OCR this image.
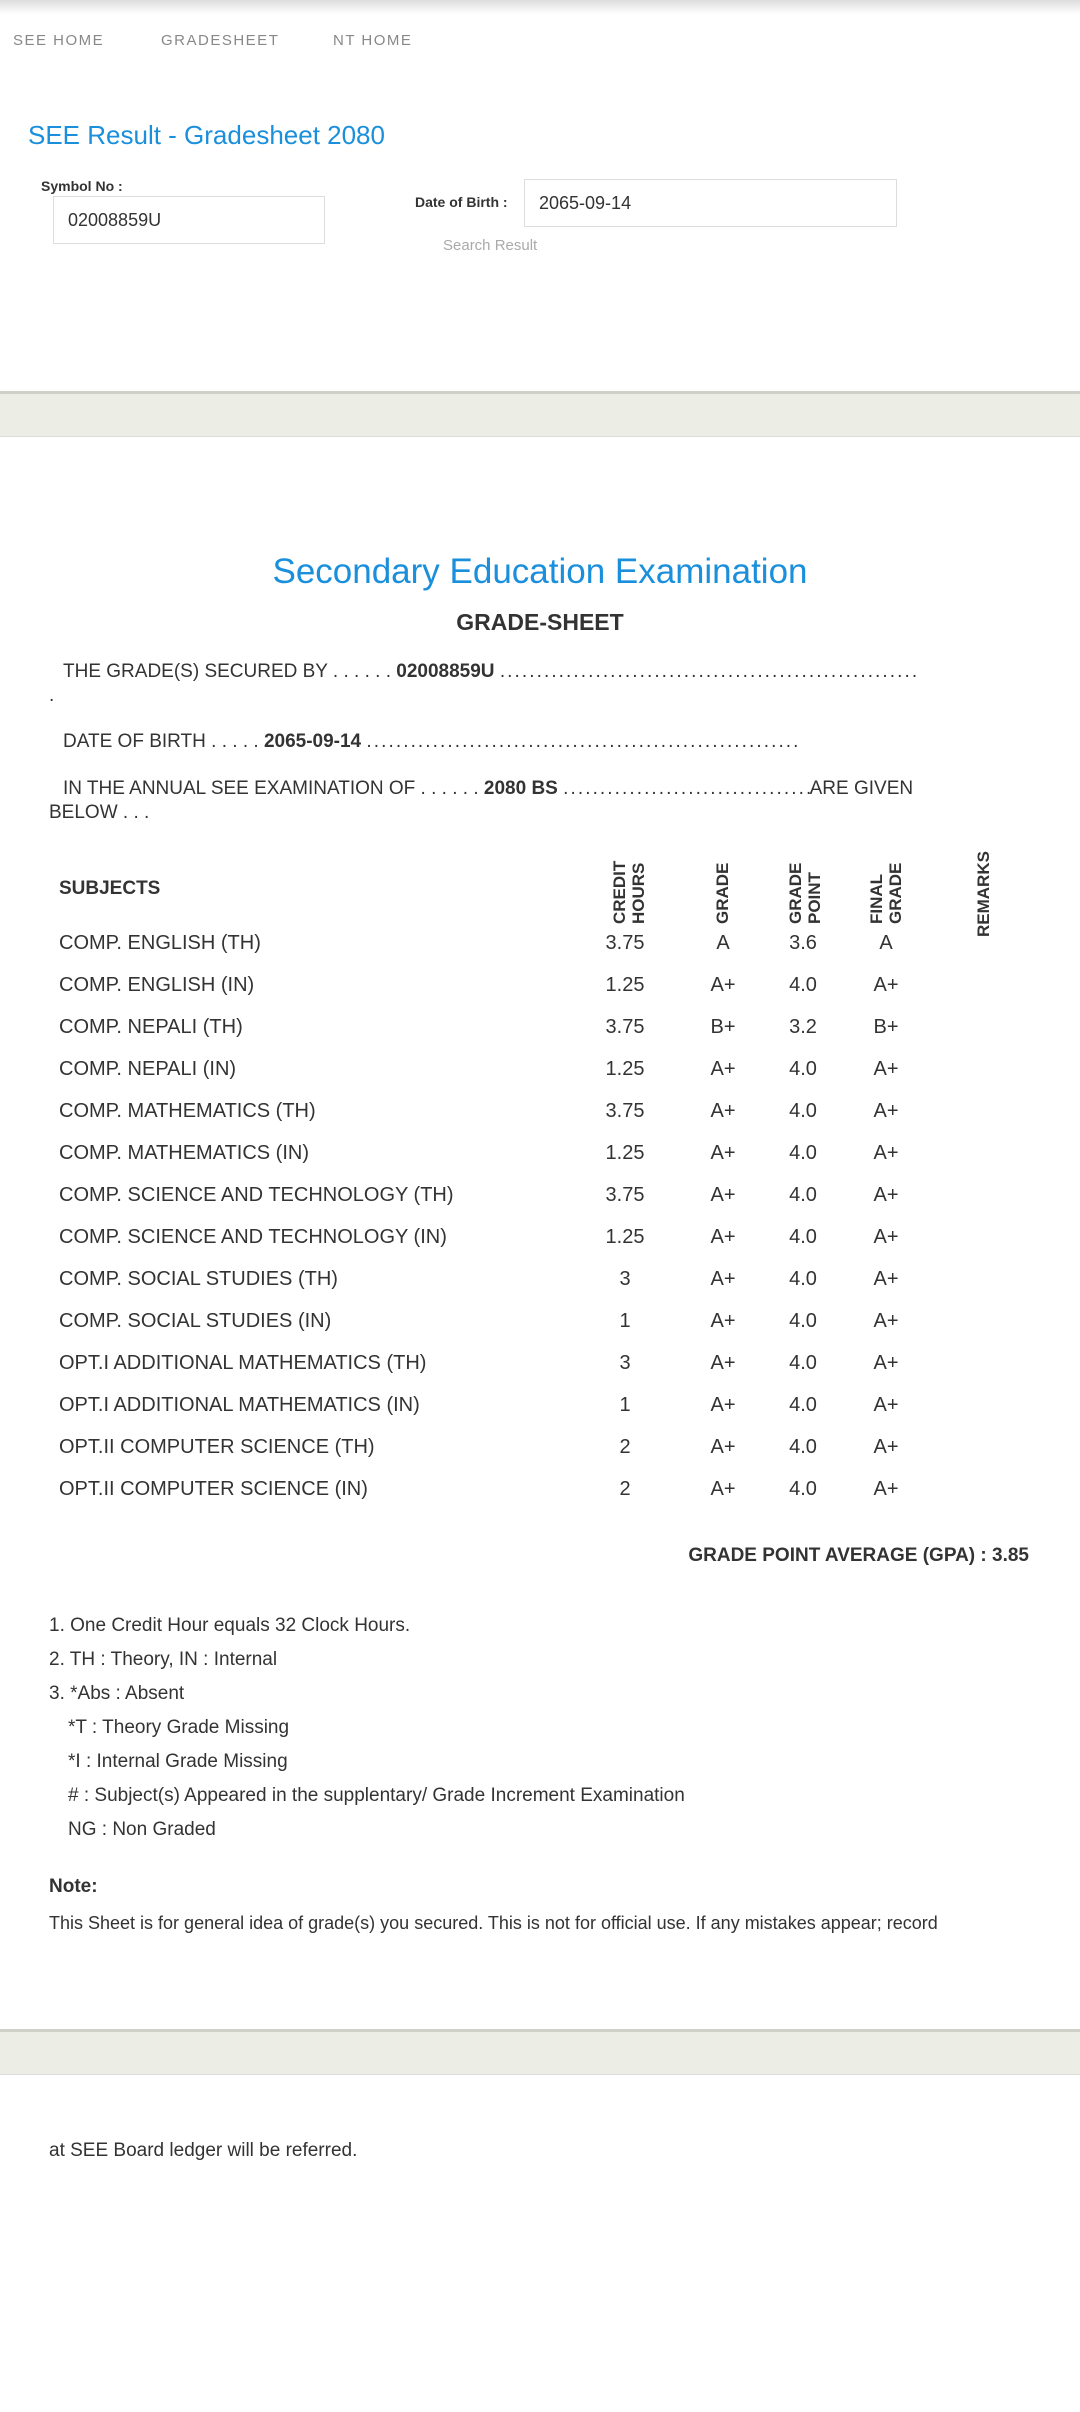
SEE HOME	GRADESHEET	NT HOME
SEE Result - Gradesheet 2080
Symbol No :
02008859U
Date of Birth :	2065-09-14
Search Result
Secondary Education Examination
GRADE-SHEET
THE GRADE(S) SECURED BY . . . . . . 02008859U . . . . . . . . . . . . . . . . . . . . . . . . . . . . . . . . . . . . . . . . . . . . . . . . . . . . . . . . .
.
DATE OF BIRTH . . . . . 2065-09-14 . . . . . . . . . . . . . . . . . . . . . . . . . . . . . . . . . . . . . . . . . . . . . . . . . . . . . . . . . . .
IN THE ANNUAL SEE EXAMINATION OF . . . . . . 2080 BS . . . . . . . . . . . . . . . . . . . . . . . . . . . . . . . . . .ARE GIVEN
BELOW . . .
SUBJECTS	CREDIT HOURS	GRADE	GRADE POINT	FINAL GRADE	REMARKS
COMP. ENGLISH (TH)	3.75	A	3.6	A
COMP. ENGLISH (IN)	1.25	A+	4.0	A+
COMP. NEPALI (TH)	3.75	B+	3.2	B+
COMP. NEPALI (IN)	1.25	A+	4.0	A+
COMP. MATHEMATICS (TH)	3.75	A+	4.0	A+
COMP. MATHEMATICS (IN)	1.25	A+	4.0	A+
COMP. SCIENCE AND TECHNOLOGY (TH)	3.75	A+	4.0	A+
COMP. SCIENCE AND TECHNOLOGY (IN)	1.25	A+	4.0	A+
COMP. SOCIAL STUDIES (TH)	3	A+	4.0	A+
COMP. SOCIAL STUDIES (IN)	1	A+	4.0	A+
OPT.I ADDITIONAL MATHEMATICS (TH)	3	A+	4.0	A+
OPT.I ADDITIONAL MATHEMATICS (IN)	1	A+	4.0	A+
OPT.II COMPUTER SCIENCE (TH)	2	A+	4.0	A+
OPT.II COMPUTER SCIENCE (IN)	2	A+	4.0	A+
GRADE POINT AVERAGE (GPA) : 3.85
1. One Credit Hour equals 32 Clock Hours.
2. TH : Theory, IN : Internal
3. *Abs : Absent
*T : Theory Grade Missing
*I : Internal Grade Missing
# : Subject(s) Appeared in the supplentary/ Grade Increment Examination
NG : Non Graded
Note:
This Sheet is for general idea of grade(s) you secured. This is not for official use. If any mistakes appear; record
at SEE Board ledger will be referred.
